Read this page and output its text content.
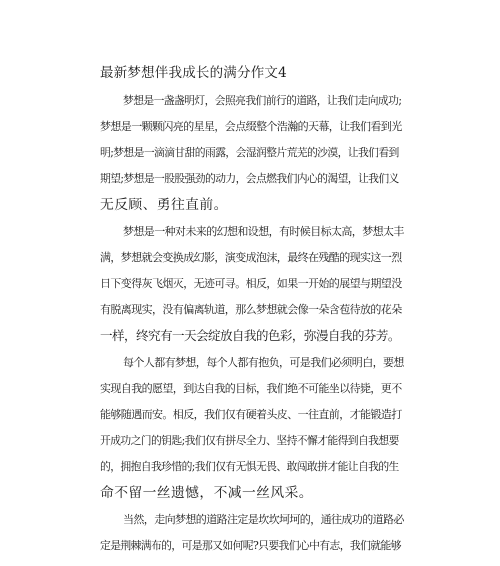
最新梦想伴我成长的满分作文4
梦想是一盏盏明灯，会照亮我们前行的道路，让我们走向成功;
梦想是一颗颗闪亮的星星，会点缀整个浩瀚的天幕，让我们看到光
明;梦想是一滴滴甘甜的雨露，会湿润整片荒芜的沙漠，让我们看到
期望;梦想是一股股强劲的动力，会点燃我们内心的渴望，让我们义
无反顾、勇往直前。
梦想是一种对未来的幻想和设想，有时候目标太高，梦想太丰
满，梦想就会变换成幻影，演变成泡沫，最终在残酷的现实这一烈
日下变得灰飞烟灭，无迹可寻。相反，如果一开始的展望与期望没
有脱离现实，没有偏离轨道，那么梦想就会像一朵含苞待放的花朵
一样，终究有一天会绽放自我的色彩，弥漫自我的芬芳。
每个人都有梦想，每个人都有抱负，可是我们必须明白，要想
实现自我的愿望，到达自我的目标，我们绝不可能坐以待毙，更不
能够随遇而安。相反，我们仅有硬着头皮、一往直前，才能锻造打
开成功之门的钥匙;我们仅有拼尽全力、坚持不懈才能得到自我想要
的，拥抱自我珍惜的;我们仅有无惧无畏、敢闯敢拼才能让自我的生
命不留一丝遗憾，不减一丝风采。
当然，走向梦想的道路注定是坎坎坷坷的，通往成功的道路必
定是荆棘满布的，可是那又如何呢?只要我们心中有志，我们就能够
